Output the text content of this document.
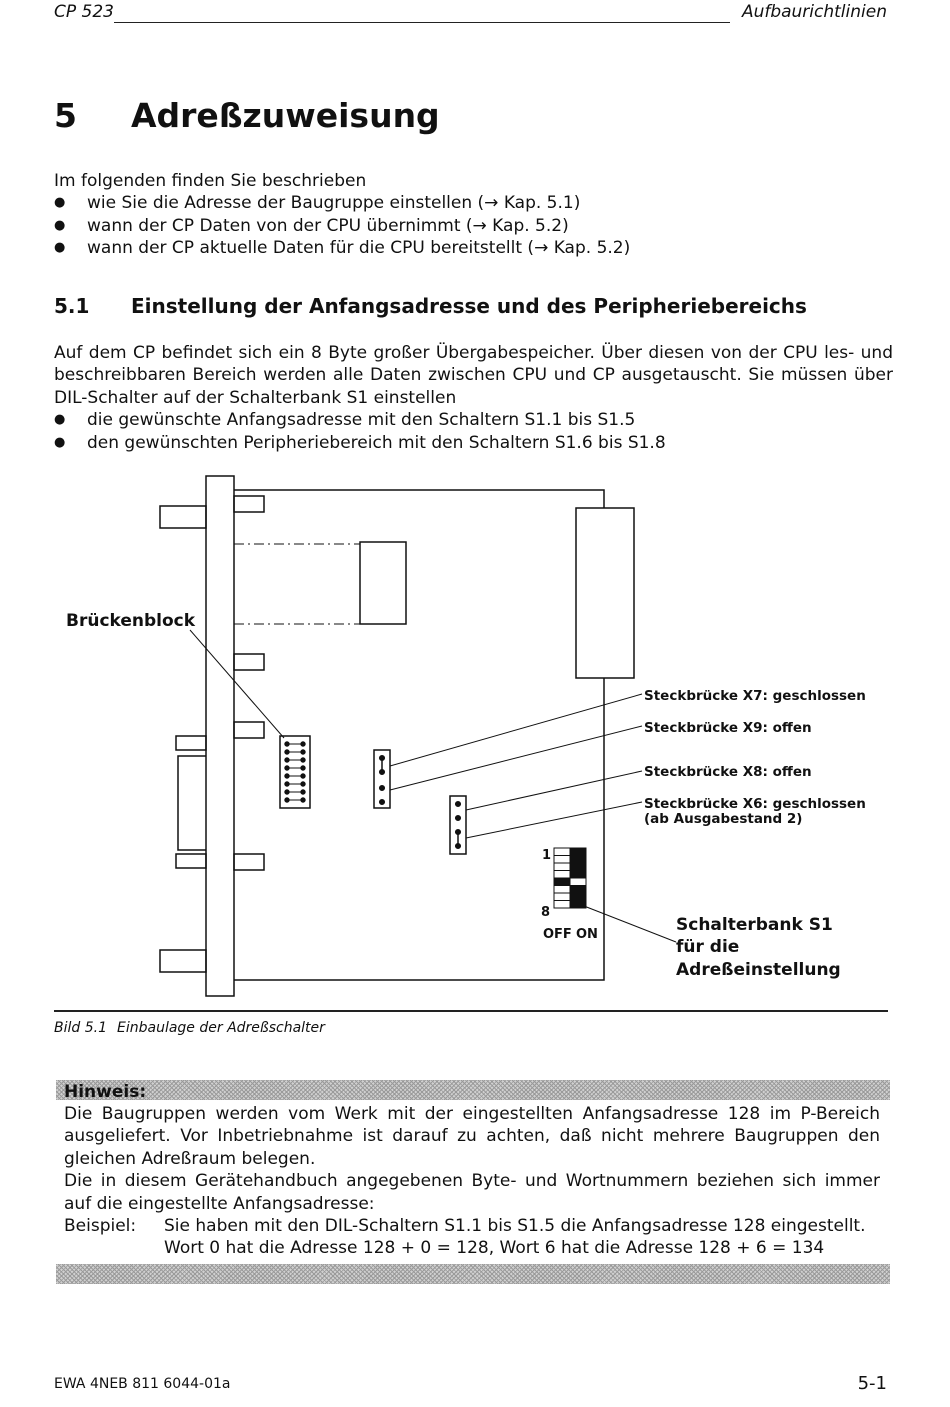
CP 523	Aufbaurichtlinien
5 Adreßzuweisung
Im folgenden finden Sie beschrieben
● wie Sie die Adresse der Baugruppe einstellen (→ Kap. 5.1)
● wann der CP Daten von der CPU übernimmt (→ Kap. 5.2)
● wann der CP aktuelle Daten für die CPU bereitstellt (→ Kap. 5.2)
5.1 Einstellung der Anfangsadresse und des Peripheriebereichs
Auf dem CP befindet sich ein 8 Byte großer Übergabespeicher. Über diesen von der CPU les- und beschreibbaren Bereich werden alle Daten zwischen CPU und CP ausgetauscht. Sie müssen über DIL-Schalter auf der Schalterbank S1 einstellen
● die gewünschte Anfangsadresse mit den Schaltern S1.1 bis S1.5
● den gewünschten Peripheriebereich mit den Schaltern S1.6 bis S1.8
Brückenblock
Steckbrücke X7: geschlossen
Steckbrücke X9: offen
Steckbrücke X8: offen
Steckbrücke X6: geschlossen
(ab Ausgabestand 2)
1
8
OFF ON	Schalterbank S1
für die
Adreßeinstellung
Bild 5.1 Einbaulage der Adreßschalter
Hinweis:
Die Baugruppen werden vom Werk mit der eingestellten Anfangsadresse 128 im P-Bereich ausgeliefert. Vor Inbetriebnahme ist darauf zu achten, daß nicht mehrere Baugruppen den gleichen Adreßraum belegen.
Die in diesem Gerätehandbuch angegebenen Byte- und Wortnummern beziehen sich immer auf die eingestellte Anfangsadresse:
Beispiel:	Sie haben mit den DIL-Schaltern S1.1 bis S1.5 die Anfangsadresse 128 eingestellt.
Wort 0 hat die Adresse 128 + 0 = 128, Wort 6 hat die Adresse 128 + 6 = 134
EWA 4NEB 811 6044-01a	5-1
